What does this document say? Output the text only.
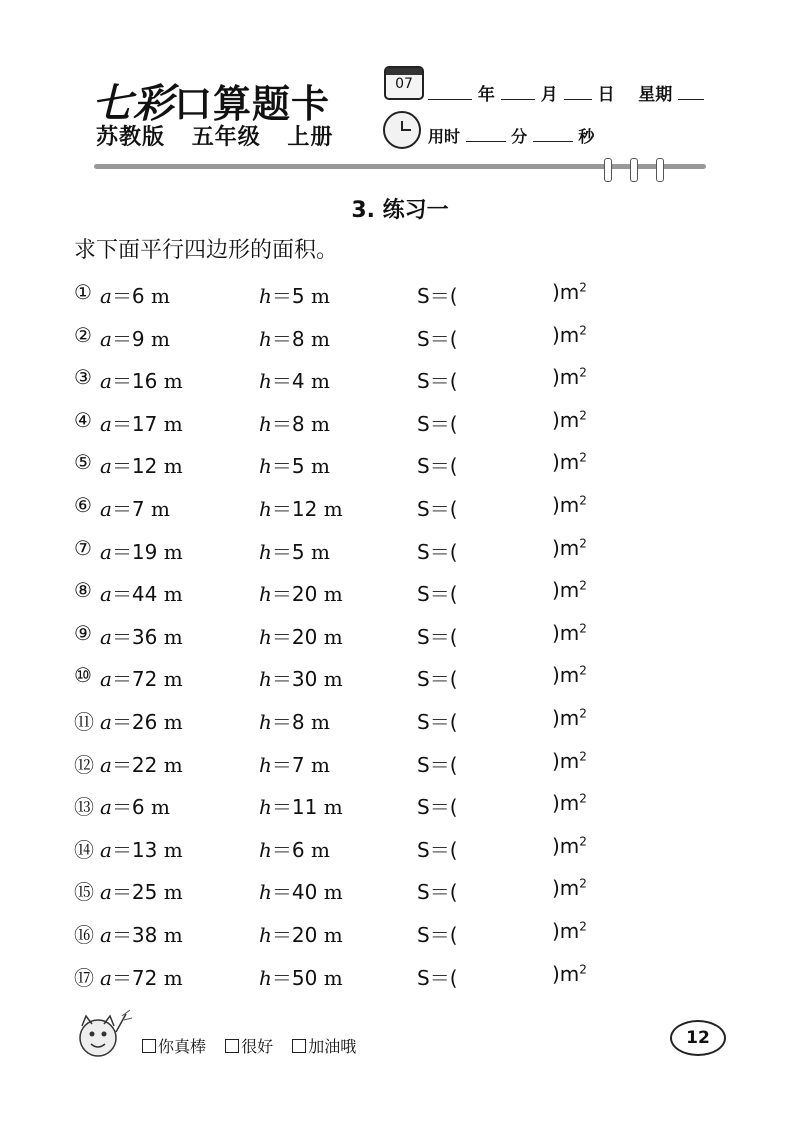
七彩口算题卡
苏教版 五年级 上册
07
年	月 日 星期
用时	分	秒
3. 练习一
求下面平行四边形的面积。
① a＝6 m	h＝5 m	S＝(	)$m^2$
② a＝9 m	h＝8 m	S＝(	)$m^2$
③ a＝16 m	h＝4 m	S＝(	)$m^2$
④ a＝17 m	h＝8 m	S＝(	)$m^2$
⑤ a＝12 m	h＝5 m	S＝(	)$m^2$
⑥ a＝7 m	h＝12 m	S＝(	)$m^2$
⑦ a＝19 m	h＝5 m	S＝(	)$m^2$
⑧ a＝44 m	h＝20 m	S＝(	)$m^2$
⑨ a＝36 m	h＝20 m	S＝(	)$m^2$
⑩ a＝72 m	h＝30 m	S＝(	)$m^2$
⑪ a＝26 m	h＝8 m	S＝(	)$m^2$
⑫ a＝22 m	h＝7 m	S＝(	)$m^2$
⑬ a＝6 m	h＝11 m	S＝(	)$m^2$
⑭ a＝13 m	h＝6 m	S＝(	)$m^2$
⑮ a＝25 m	h＝40 m	S＝(	)$m^2$
⑯ a＝38 m	h＝20 m	S＝(	)$m^2$
⑰ a＝72 m	h＝50 m	S＝(	)$m^2$
你真棒 很好 加油哦	12
